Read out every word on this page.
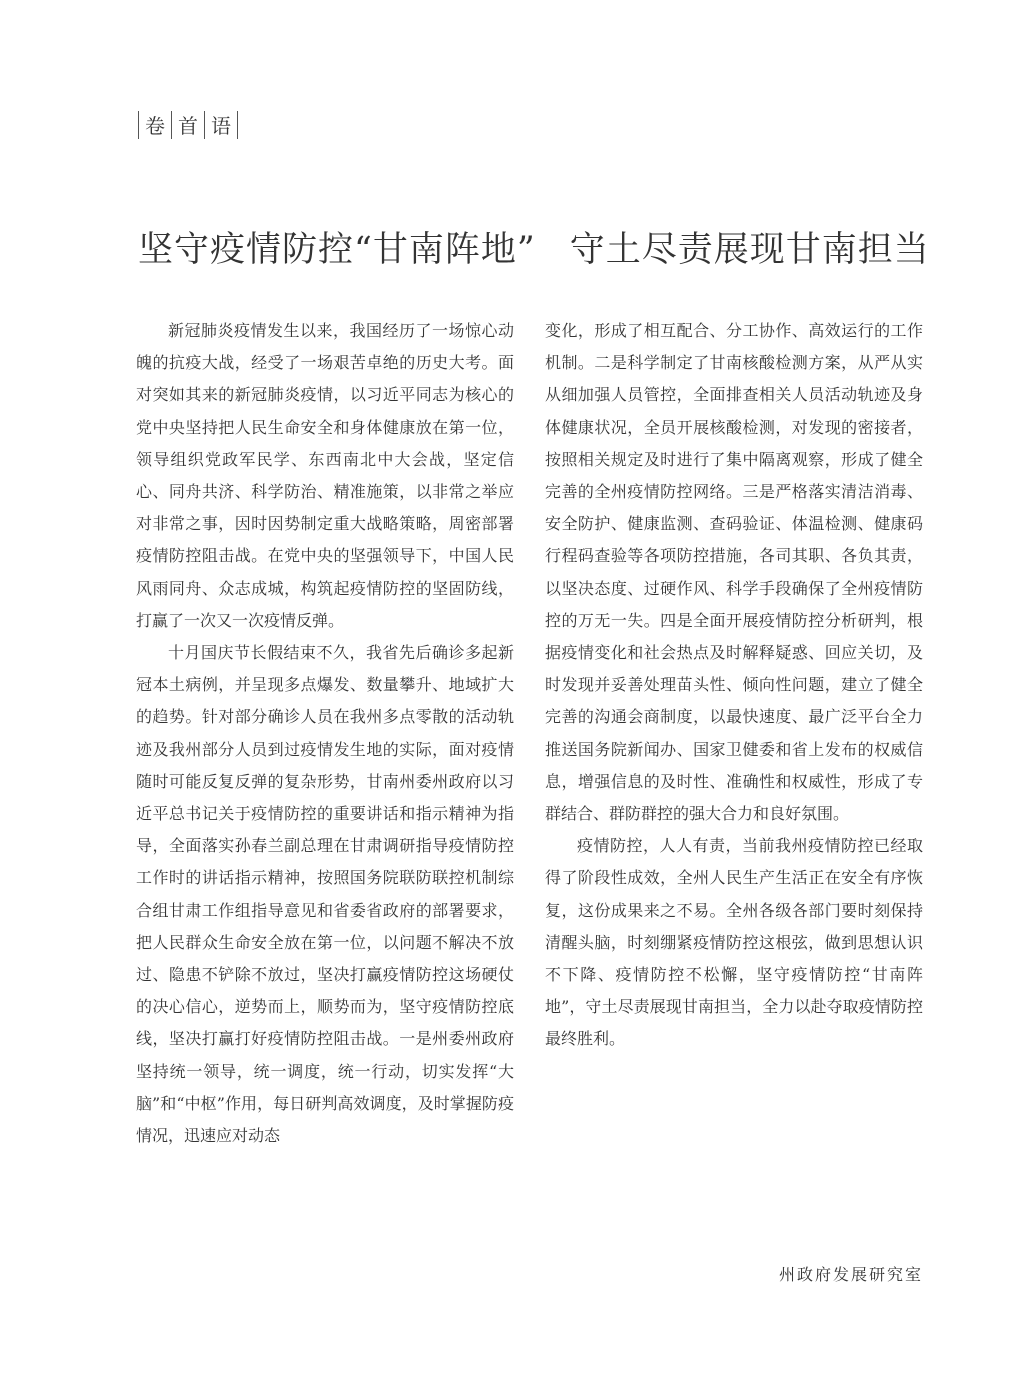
卷 首 语
坚守疫情防控“甘南阵地” 守土尽责展现甘南担当

新冠肺炎疫情发生以来，我国经历了一场惊心动魄的抗疫大战，经受了一场艰苦卓绝的历史大考。面对突如其来的新冠肺炎疫情，以习近平同志为核心的党中央坚持把人民生命安全和身体健康放在第一位，领导组织党政军民学、东西南北中大会战，坚定信心、同舟共济、科学防治、精准施策，以非常之举应对非常之事，因时因势制定重大战略策略，周密部署疫情防控阻击战。在党中央的坚强领导下，中国人民风雨同舟、众志成城，构筑起疫情防控的坚固防线，打赢了一次又一次疫情反弹。

十月国庆节长假结束不久，我省先后确诊多起新冠本土病例，并呈现多点爆发、数量攀升、地域扩大的趋势。针对部分确诊人员在我州多点零散的活动轨迹及我州部分人员到过疫情发生地的实际，面对疫情随时可能反复反弹的复杂形势，甘南州委州政府以习近平总书记关于疫情防控的重要讲话和指示精神为指导，全面落实孙春兰副总理在甘肃调研指导疫情防控工作时的讲话指示精神，按照国务院联防联控机制综合组甘肃工作组指导意见和省委省政府的部署要求，把人民群众生命安全放在第一位，以问题不解决不放过、隐患不铲除不放过，坚决打赢疫情防控这场硬仗的决心信心，逆势而上，顺势而为，坚守疫情防控底线，坚决打赢打好疫情防控阻击战。一是州委州政府坚持统一领导，统一调度，统一行动，切实发挥“大脑”和“中枢”作用，每日研判高效调度，及时掌握防疫情况，迅速应对动态

变化，形成了相互配合、分工协作、高效运行的工作机制。二是科学制定了甘南核酸检测方案，从严从实从细加强人员管控，全面排查相关人员活动轨迹及身体健康状况，全员开展核酸检测，对发现的密接者，按照相关规定及时进行了集中隔离观察，形成了健全完善的全州疫情防控网络。三是严格落实清洁消毒、安全防护、健康监测、查码验证、体温检测、健康码行程码查验等各项防控措施，各司其职、各负其责，以坚决态度、过硬作风、科学手段确保了全州疫情防控的万无一失。四是全面开展疫情防控分析研判，根据疫情变化和社会热点及时解释疑惑、回应关切，及时发现并妥善处理苗头性、倾向性问题，建立了健全完善的沟通会商制度，以最快速度、最广泛平台全力推送国务院新闻办、国家卫健委和省上发布的权威信息，增强信息的及时性、准确性和权威性，形成了专群结合、群防群控的强大合力和良好氛围。

疫情防控，人人有责，当前我州疫情防控已经取得了阶段性成效，全州人民生产生活正在安全有序恢复，这份成果来之不易。全州各级各部门要时刻保持清醒头脑，时刻绷紧疫情防控这根弦，做到思想认识不下降、疫情防控不松懈，坚守疫情防控“甘南阵地”，守土尽责展现甘南担当，全力以赴夺取疫情防控最终胜利。

州政府发展研究室
